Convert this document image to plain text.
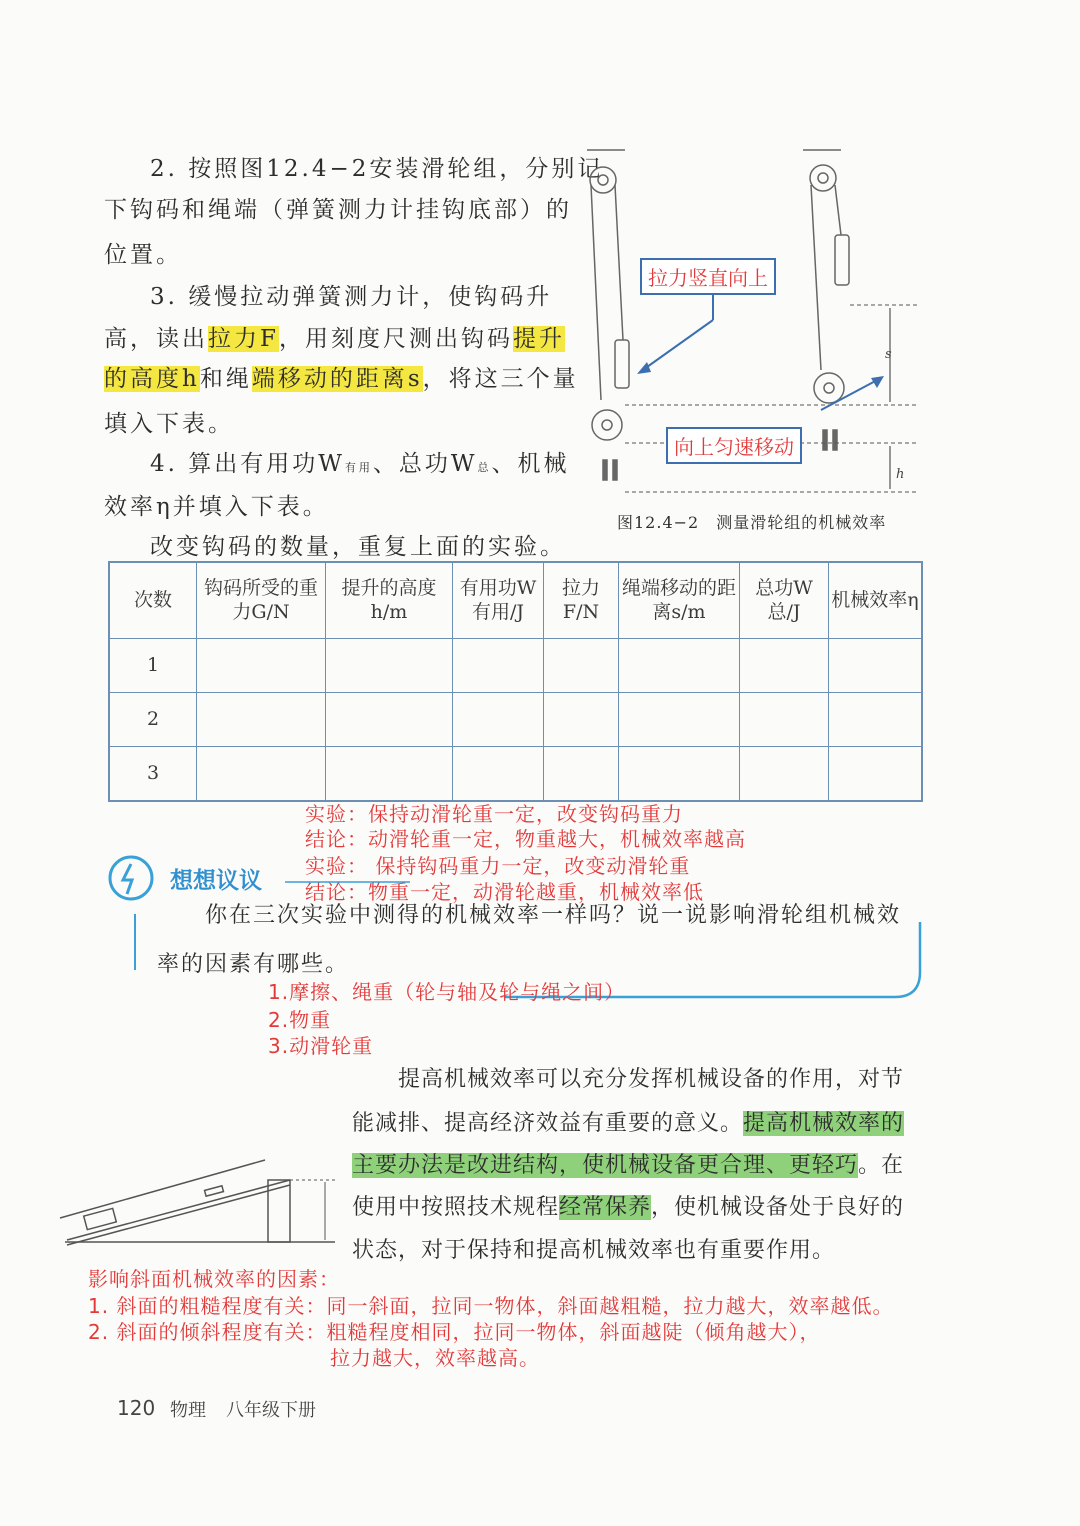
2. 按照图12.4−2安装滑轮组，分别记
下钩码和绳端（弹簧测力计挂钩底部）的
位置。
3. 缓慢拉动弹簧测力计，使钩码升
高，读出拉力F，用刻度尺测出钩码提升
的高度h和绳端移动的距离s，将这三个量
填入下表。
4. 算出有用功W有用、总功W总、机械
效率η并填入下表。
改变钩码的数量，重复上面的实验。
s
h
拉力竖直向上
向上匀速移动
图12.4−2　测量滑轮组的机械效率
次数	钩码所受的重力G/N	提升的高度h/m	有用功W有用/J	拉力F/N	绳端移动的距离s/m	总功W总/J	机械效率η
1							
2							
3							
实验：保持动滑轮重一定，改变钩码重力
结论：动滑轮重一定，物重越大，机械效率越高
实验： 保持钩码重力一定，改变动滑轮重
结论：物重一定，动滑轮越重，机械效率低
想想议议
你在三次实验中测得的机械效率一样吗？说一说影响滑轮组机械效
率的因素有哪些。
1.摩擦、绳重（轮与轴及轮与绳之间）
2.物重
3.动滑轮重
提高机械效率可以充分发挥机械设备的作用，对节
能减排、提高经济效益有重要的意义。提高机械效率的
主要办法是改进结构，使机械设备更合理、更轻巧。在
使用中按照技术规程经常保养，使机械设备处于良好的
状态，对于保持和提高机械效率也有重要作用。
影响斜面机械效率的因素：
1. 斜面的粗糙程度有关：同一斜面，拉同一物体，斜面越粗糙，拉力越大，效率越低。
2. 斜面的倾斜程度有关：粗糙程度相同，拉同一物体，斜面越陡（倾角越大），
拉力越大，效率越高。
120 物理 八年级下册
